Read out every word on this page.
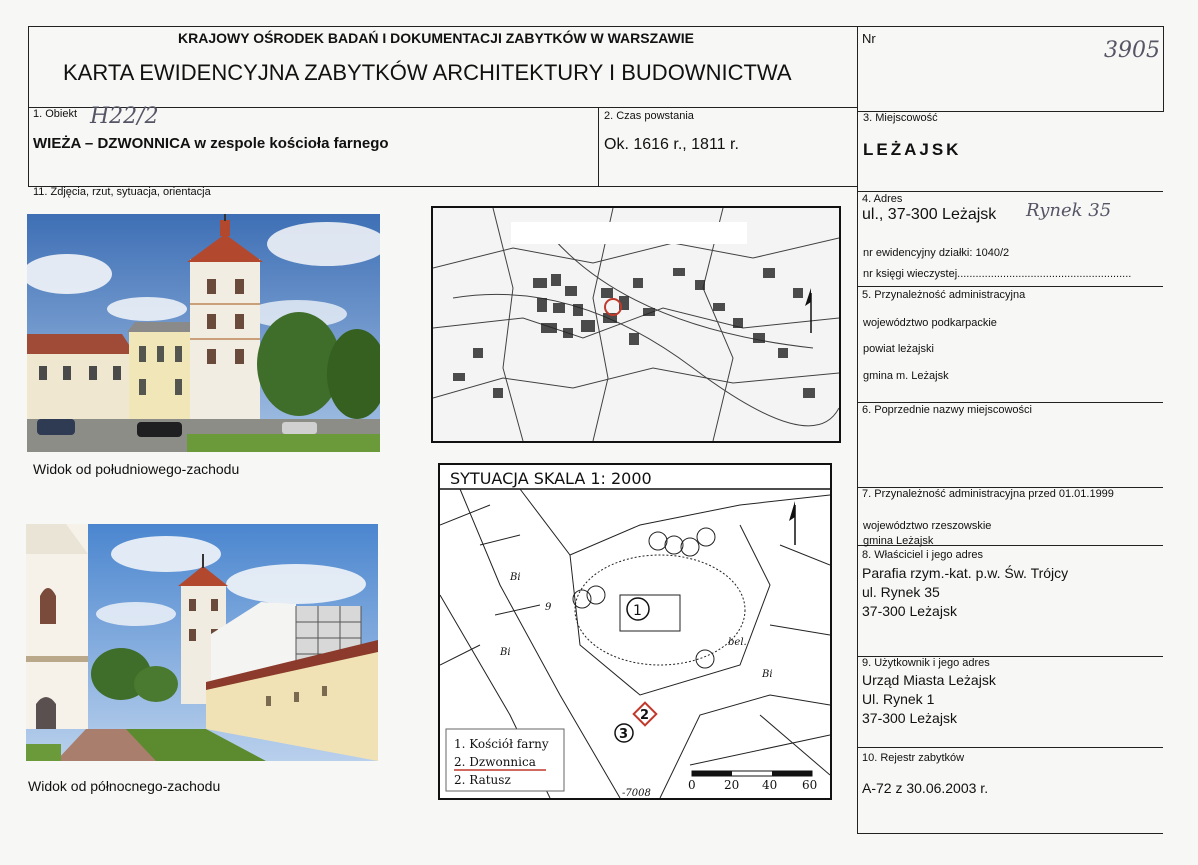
KRAJOWY OŚRODEK BADAŃ I DOKUMENTACJI ZABYTKÓW W WARSZAWIE
KARTA EWIDENCYJNA ZABYTKÓW ARCHITEKTURY I BUDOWNICTWA
Nr	3905
1. Obiekt H22/2
WIEŻA – DZWONNICA w zespole kościoła farnego
2. Czas powstania
Ok. 1616 r., 1811 r.
3. Miejscowość
LEŻAJSK
11. Zdjęcia, rzut, sytuacja, orientacja
Widok od południowego-zachodu
Widok od północnego-zachodu
SYTUACJA SKALA 1: 2000
1
2
3
Bi
Bi
9
bel.
Bi
-7008
1. Kościół farny
2. Dzwonnica
2. Ratusz	0 20 40 60
4. Adres
ul., 37-300 Leżajsk Rynek 35
nr ewidencyjny działki: 1040/2
nr księgi wieczystej.........................................................
5. Przynależność administracyjna
województwo podkarpackie
powiat leżajski
gmina m. Leżajsk
6. Poprzednie nazwy miejscowości
7. Przynależność administracyjna przed 01.01.1999
województwo rzeszowskie
gmina Leżajsk
8. Właściciel i jego adres
Parafia rzym.-kat. p.w. Św. Trójcy
ul. Rynek 35
37-300 Leżajsk
9. Użytkownik i jego adres
Urząd Miasta Leżajsk
Ul. Rynek 1
37-300 Leżajsk
10. Rejestr zabytków
A-72 z 30.06.2003 r.
